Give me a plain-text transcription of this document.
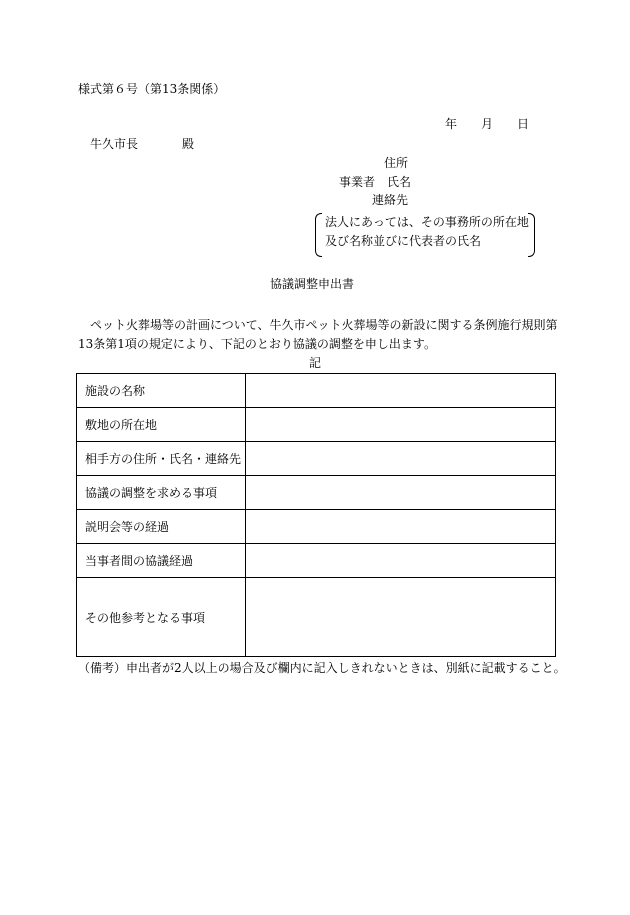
様式第６号（第13条関係）
年 月 日
牛久市長	殿
住所
事業者 氏名
連絡先
法人にあっては、その事務所の所在地
及び名称並びに代表者の氏名
協議調整申出書
ペット火葬場等の計画について、牛久市ペット火葬場等の新設に関する条例施行規則第13条第1項の規定により、下記のとおり協議の調整を申し出ます。
記
施設の名称	
敷地の所在地	
相手方の住所・氏名・連絡先	
協議の調整を求める事項	
説明会等の経過	
当事者間の協議経過	
その他参考となる事項	
（備考）申出者が2人以上の場合及び欄内に記入しきれないときは、別紙に記載すること。
